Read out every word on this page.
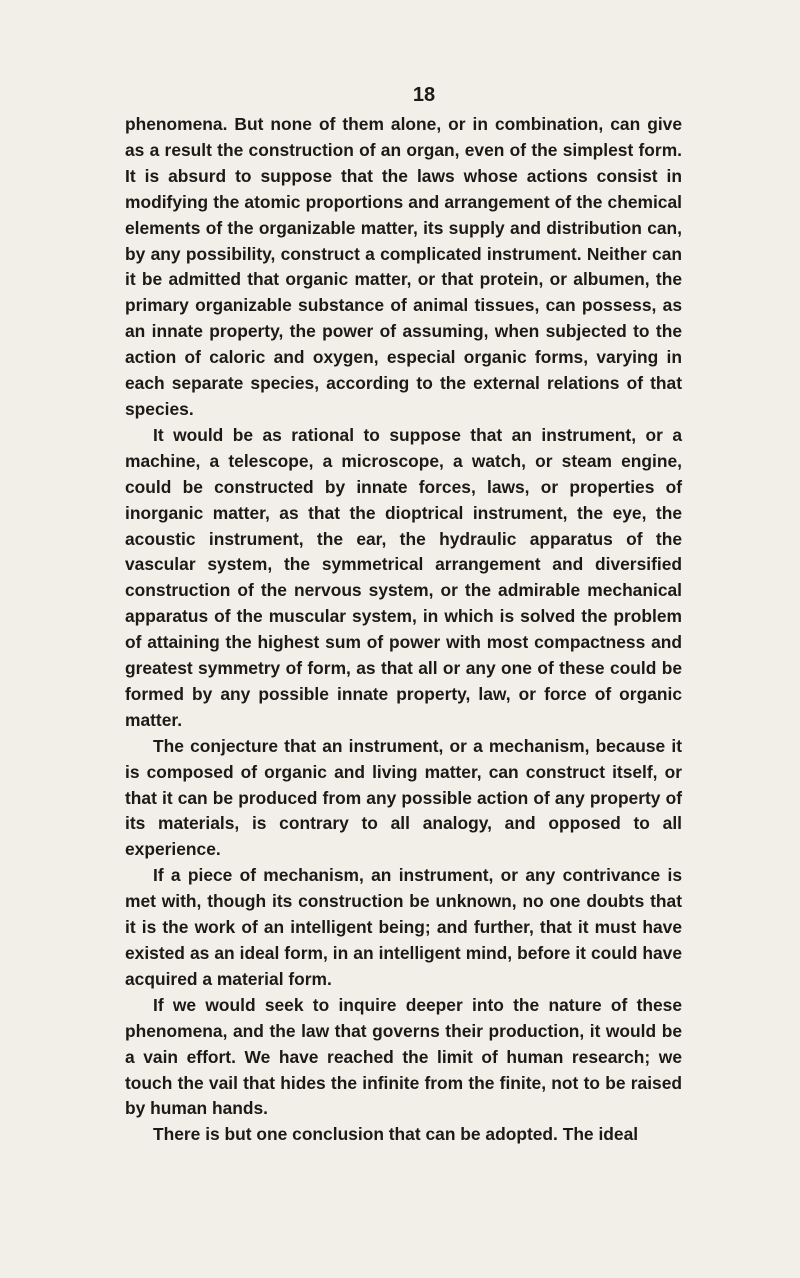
18

phenomena. But none of them alone, or in combination, can give as a result the construction of an organ, even of the simplest form. It is absurd to suppose that the laws whose actions consist in modifying the atomic proportions and arrangement of the chemical elements of the organizable matter, its supply and distribution can, by any possibility, construct a complicated instrument. Neither can it be admitted that organic matter, or that protein, or albumen, the primary organizable substance of animal tissues, can possess, as an innate property, the power of assuming, when subjected to the action of caloric and oxygen, especial organic forms, varying in each separate species, according to the external relations of that species.

It would be as rational to suppose that an instrument, or a machine, a telescope, a microscope, a watch, or steam engine, could be constructed by innate forces, laws, or properties of inorganic matter, as that the dioptrical instrument, the eye, the acoustic instrument, the ear, the hydraulic apparatus of the vascular system, the symmetrical arrangement and diversified construction of the nervous system, or the admirable mechanical apparatus of the muscular system, in which is solved the problem of attaining the highest sum of power with most compactness and greatest symmetry of form, as that all or any one of these could be formed by any possible innate property, law, or force of organic matter.

The conjecture that an instrument, or a mechanism, because it is composed of organic and living matter, can construct itself, or that it can be produced from any possible action of any property of its materials, is contrary to all analogy, and opposed to all experience.

If a piece of mechanism, an instrument, or any contrivance is met with, though its construction be unknown, no one doubts that it is the work of an intelligent being; and further, that it must have existed as an ideal form, in an intelligent mind, before it could have acquired a material form.

If we would seek to inquire deeper into the nature of these phenomena, and the law that governs their production, it would be a vain effort. We have reached the limit of human research; we touch the vail that hides the infinite from the finite, not to be raised by human hands.

There is but one conclusion that can be adopted. The ideal
